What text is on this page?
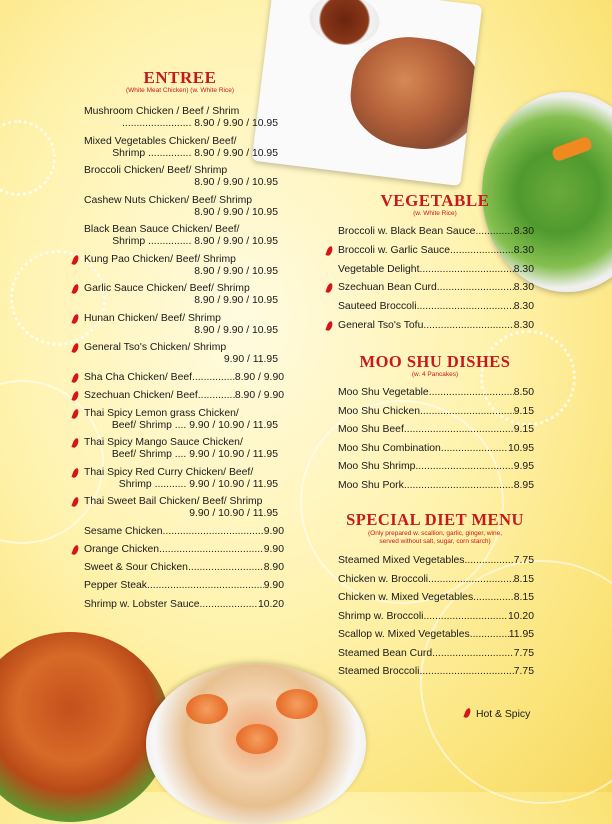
ENTREE
(White Meat Chicken) (w. White Rice)
Mushroom Chicken / Beef / Shrim
........................ 8.90 / 9.90 / 10.95
Mixed Vegetables Chicken/ Beef/
Shrimp ............... 8.90 / 9.90 / 10.95
Broccoli Chicken/ Beef/ Shrimp
8.90 / 9.90 / 10.95
Cashew Nuts Chicken/ Beef/ Shrimp
8.90 / 9.90 / 10.95
Black Bean Sauce Chicken/ Beef/
Shrimp ............... 8.90 / 9.90 / 10.95
Kung Pao Chicken/ Beef/ Shrimp
8.90 / 9.90 / 10.95
Garlic Sauce Chicken/ Beef/ Shrimp
8.90 / 9.90 / 10.95
Hunan Chicken/ Beef/ Shrimp
8.90 / 9.90 / 10.95
General Tso's Chicken/ Shrimp
9.90 / 11.95
Sha Cha Chicken/ Beef .....	8.90 / 9.90
Szechuan Chicken/ Beef .....	8.90 / 9.90
Thai Spicy Lemon grass Chicken/
Beef/ Shrimp .... 9.90 / 10.90 / 11.95
Thai Spicy Mango Sauce Chicken/
Beef/ Shrimp .... 9.90 / 10.90 / 11.95
Thai Spicy Red Curry Chicken/ Beef/
Shrimp ........... 9.90 / 10.90 / 11.95
Thai Sweet Bail Chicken/ Beef/ Shrimp
9.90 / 10.90 / 11.95
Sesame Chicken .....	9.90
Orange Chicken .....	9.90
Sweet & Sour Chicken .....	8.90
Pepper Steak .....	9.90
Shrimp w. Lobster Sauce .....	10.20
VEGETABLE
(w. White Rice)
Broccoli w. Black Bean Sauce .....	8.30
Broccoli w. Garlic Sauce .....	8.30
Vegetable Delight .....	8.30
Szechuan Bean Curd .....	8.30
Sauteed Broccoli .....	8.30
General Tso's Tofu .....	8.30
MOO SHU DISHES
(w. 4 Pancakes)
Moo Shu Vegetable .....	8.50
Moo Shu Chicken .....	9.15
Moo Shu Beef .....	9.15
Moo Shu Combination .....	10.95
Moo Shu Shrimp .....	9.95
Moo Shu Pork .....	8.95
SPECIAL DIET MENU
(Only prepared w. scallion, garlic, ginger, wine,
served without salt, sugar, corn starch)
Steamed Mixed Vegetables .....	7.75
Chicken w. Broccoli .....	8.15
Chicken w. Mixed Vegetables .....	8.15
Shrimp w. Broccoli .....	10.20
Scallop w. Mixed Vegetables .....	11.95
Steamed Bean Curd .....	7.75
Steamed Broccoli .....	7.75
Hot & Spicy
